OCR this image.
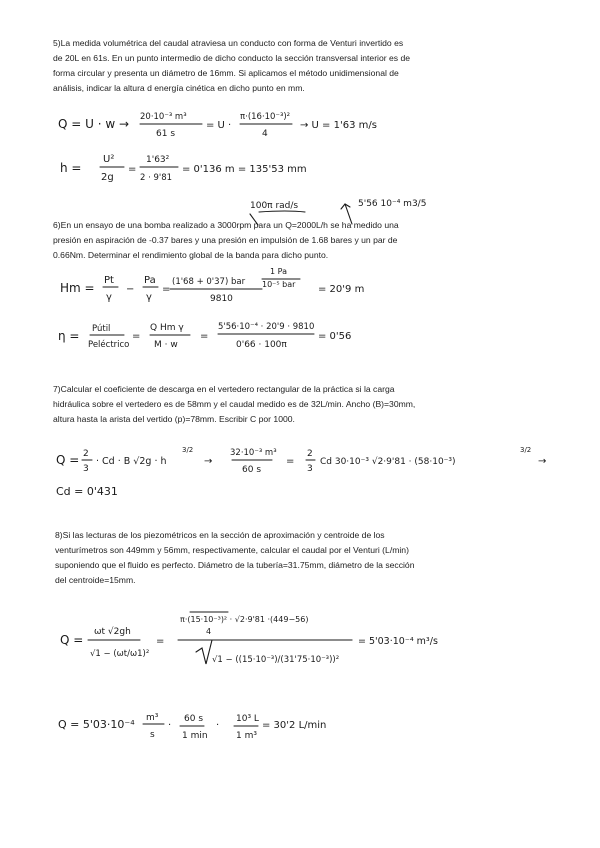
5)La medida volumétrica del caudal atraviesa un conducto con forma de Venturi invertido es

de 20L en 61s. En un punto intermedio de dicho conducto la sección transversal interior es de

forma circular y presenta un diámetro de 16mm. Si aplicamos el método unidimensional de

análisis, indicar la altura d energía cinética en dicho punto en mm.

6)En un ensayo de una bomba realizado a 3000rpm para un Q=2000L/h se ha medido una

presión en aspiración de -0.37 bares y una presión en impulsión de 1.68 bares y un par de

0.66Nm. Determinar el rendimiento global de la banda para dicho punto.

7)Calcular el coeficiente de descarga en el vertedero rectangular de la práctica si la carga

hidráulica sobre el vertedero es de 58mm y el caudal medido es de 32L/min. Ancho (B)=30mm,

altura hasta la arista del vertido (p)=78mm. Escribir C por 1000.

8)Si las lecturas de los piezométricos en la sección de aproximación y centroide de los

venturímetros son 449mm y 56mm, respectivamente, calcular el caudal por el Venturi (L/min)

suponiendo que el fluido es perfecto. Diámetro de la tubería=31.75mm, diámetro de la sección

del centroide=15mm.

Q = U · w → 20·10⁻³ m³
61 s
= U ·
π·(16·10⁻³)²
4
→ U = 1'63 m/s
h =
U²
2g
=
1'63²
2 · 9'81
= 0'136 m = 135'53 mm
100π rad/s	5'56 10⁻⁴ m3/5
Hm =
Pt
γ
−
Pa
γ
=
(1'68 + 0'37) bar
1 Pa
10⁻⁵ bar
9810
= 20'9 m
η = Pútil
Peléctrico
=
Q Hm γ
M · w
=
5'56·10⁻⁴ · 20'9 · 9810
0'66 · 100π
= 0'56
Q = 2
3
· Cd · B √2g · h
3/2
→
32·10⁻³ m³
60 s
=
2
3
Cd 30·10⁻³ √2·9'81 · (58·10⁻³)
3/2
→
Cd = 0'431
Q =
ωt √2gh
√1 − (ωt/ω1)²
=
π·(15·10⁻³)² · √2·9'81 ·(449−56)
4
√1 − ((15·10⁻³)/(31'75·10⁻³))²
= 5'03·10⁻⁴ m³/s
Q = 5'03·10⁻⁴ m³
s
·
60 s
1 min
·
10³ L
1 m³
= 30'2 L/min
